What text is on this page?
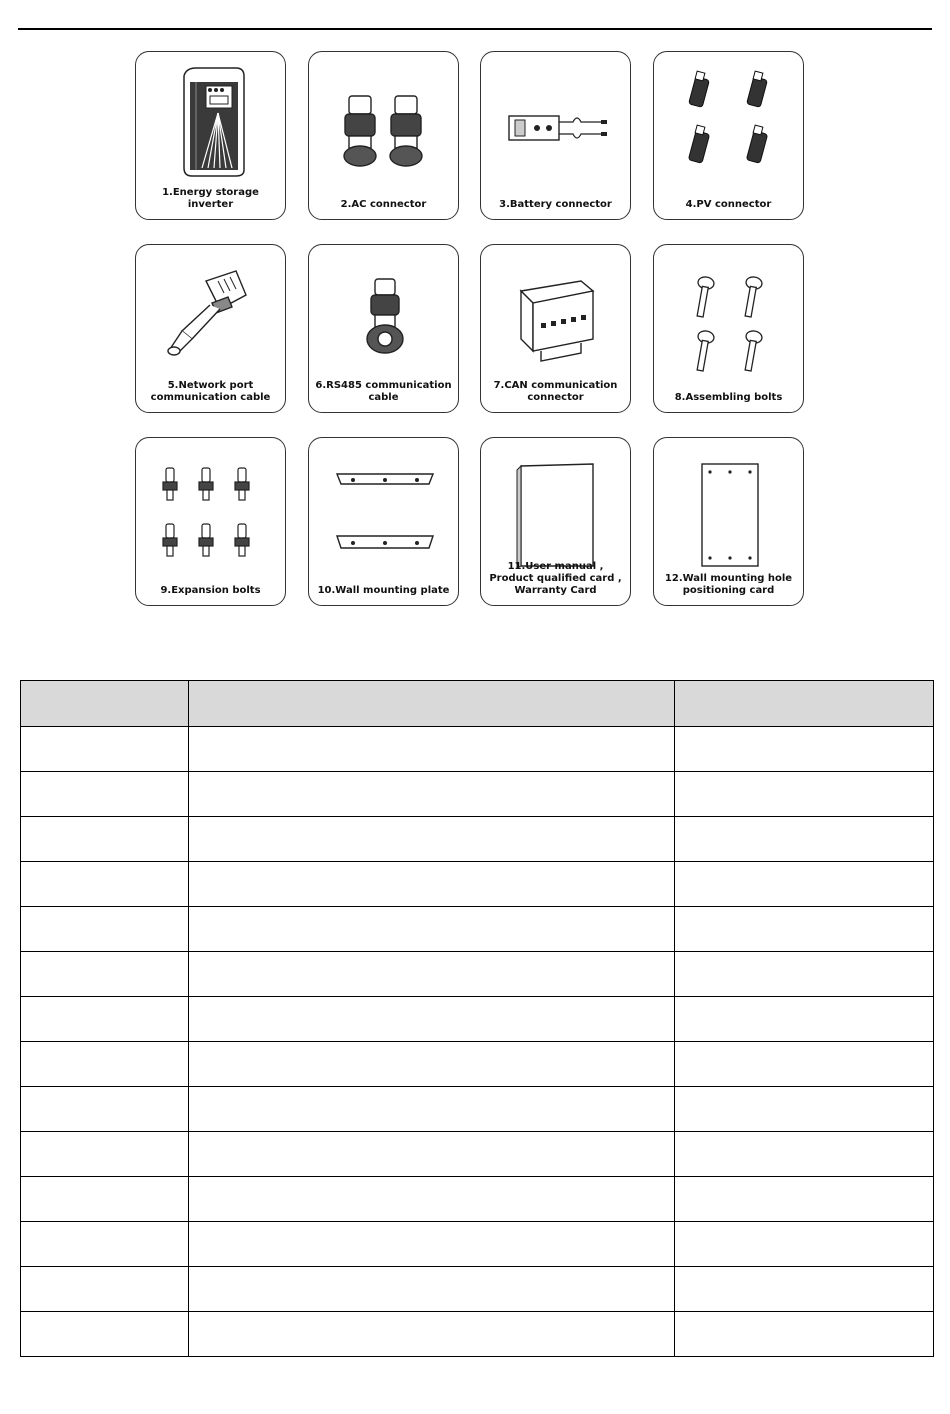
1.Energy storage inverter	2.AC connector	3.Battery connector	4.PV connector
5.Network port communication cable
6.RS485 communication cable
7.CAN communication connector	8.Assembling bolts
9.Expansion bolts	10.Wall mounting plate
11.User manual , Product qualified card , Warranty Card
12.Wall mounting hole positioning card
